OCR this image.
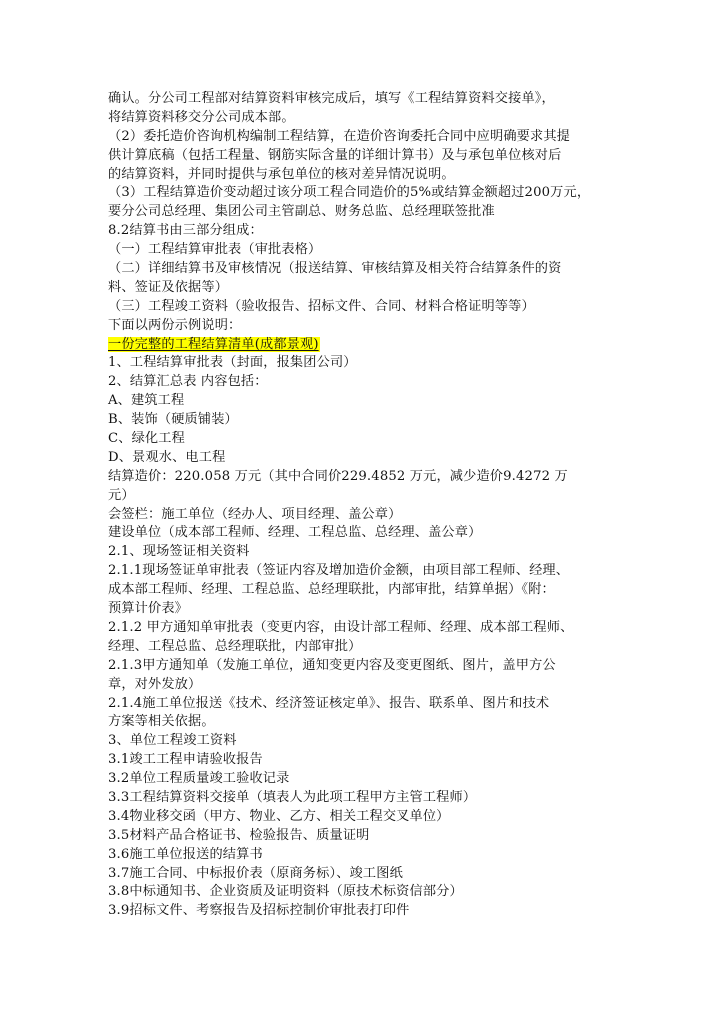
确认。分公司工程部对结算资料审核完成后，填写《工程结算资料交接单》，
将结算资料移交分公司成本部。
（2）委托造价咨询机构编制工程结算，在造价咨询委托合同中应明确要求其提
供计算底稿（包括工程量、钢筋实际含量的详细计算书）及与承包单位核对后
的结算资料，并同时提供与承包单位的核对差异情况说明。
（3）工程结算造价变动超过该分项工程合同造价的5%或结算金额超过200万元，
要分公司总经理、集团公司主管副总、财务总监、总经理联签批准
8.2结算书由三部分组成：
（一）工程结算审批表（审批表格）
（二）详细结算书及审核情况（报送结算、审核结算及相关符合结算条件的资
料、签证及依据等）
（三）工程竣工资料（验收报告、招标文件、合同、材料合格证明等等）
下面以两份示例说明：
一份完整的工程结算清单(成都景观)
1、工程结算审批表（封面，报集团公司）
2、结算汇总表 内容包括：
A、建筑工程
B、装饰（硬质铺装）
C、绿化工程
D、景观水、电工程
结算造价：220.058 万元（其中合同价229.4852 万元，减少造价9.4272 万
元）
会签栏：施工单位（经办人、项目经理、盖公章）
建设单位（成本部工程师、经理、工程总监、总经理、盖公章）
2.1、现场签证相关资料
2.1.1现场签证单审批表（签证内容及增加造价金额，由项目部工程师、经理、
成本部工程师、经理、工程总监、总经理联批，内部审批，结算单据）《附：
预算计价表》
2.1.2 甲方通知单审批表（变更内容，由设计部工程师、经理、成本部工程师、
经理、工程总监、总经理联批，内部审批）
2.1.3甲方通知单（发施工单位，通知变更内容及变更图纸、图片，盖甲方公
章，对外发放）
2.1.4施工单位报送《技术、经济签证核定单》、报告、联系单、图片和技术
方案等相关依据。
3、单位工程竣工资料
3.1竣工工程申请验收报告
3.2单位工程质量竣工验收记录
3.3工程结算资料交接单（填表人为此项工程甲方主管工程师）
3.4物业移交函（甲方、物业、乙方、相关工程交叉单位）
3.5材料产品合格证书、检验报告、质量证明
3.6施工单位报送的结算书
3.7施工合同、中标报价表（原商务标）、竣工图纸
3.8中标通知书、企业资质及证明资料（原技术标资信部分）
3.9招标文件、考察报告及招标控制价审批表打印件
